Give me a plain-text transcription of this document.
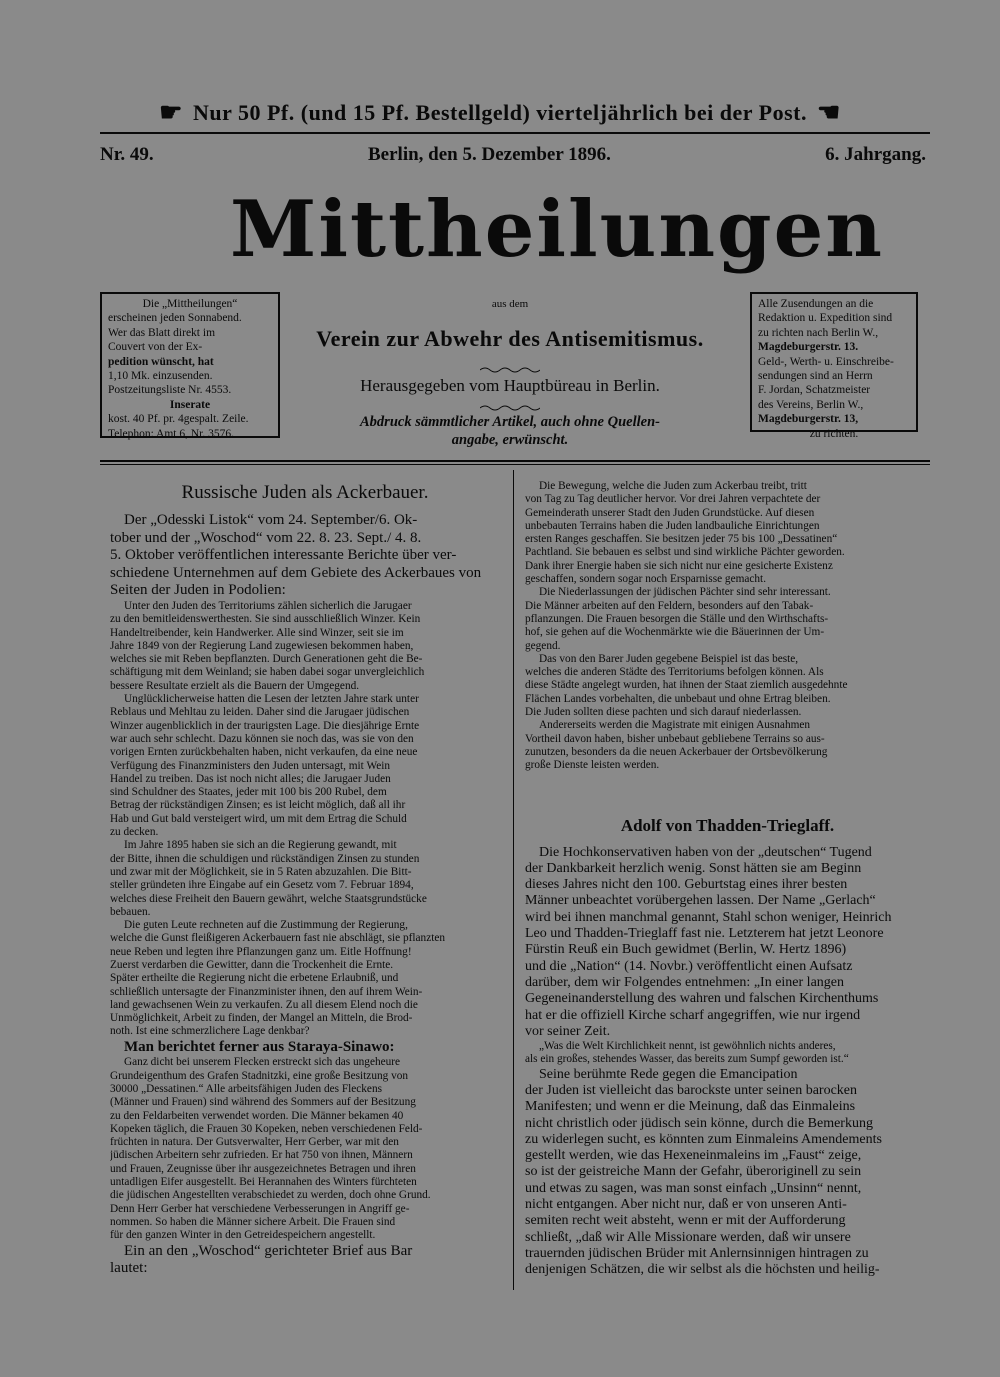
☛ Nur 50 Pf. (und 15 Pf. Bestellgeld) vierteljährlich bei der Post. ☚
Nr. 49.	Berlin, den 5. Dezember 1896.	6. Jahrgang.
Mittheilungen
Die „Mittheilungen“
erscheinen jeden Sonnabend.
Wer das Blatt direkt im
Couvert von der Ex-
pedition wünscht, hat
1,10 Mk. einzusenden.
Postzeitungsliste Nr. 4553.
Inserate
kost. 40 Pf. pr. 4gespalt. Zeile.
Telephon: Amt 6, Nr. 3576.
aus dem
Verein zur Abwehr des Antisemitismus.
Herausgegeben vom Hauptbüreau in Berlin.
Abdruck sämmtlicher Artikel, auch ohne Quellen-
angabe, erwünscht.
Alle Zusendungen an die
Redaktion u. Expedition sind
zu richten nach Berlin W.,
Magdeburgerstr. 13.
Geld-, Werth- u. Einschreibe-
sendungen sind an Herrn
F. Jordan, Schatzmeister
des Vereins, Berlin W.,
Magdeburgerstr. 13,
zu richten.
Russische Juden als Ackerbauer.
Der „Odesski Listok“ vom 24. September/6. Ok-
tober und der „Woschod“ vom 22. 8. 23. Sept./ 4. 8.
5. Oktober veröffentlichen interessante Berichte über ver-
schiedene Unternehmen auf dem Gebiete des Ackerbaues von
Seiten der Juden in Podolien:
Unter den Juden des Territoriums zählen sicherlich die Jarugaer
zu den bemitleidenswerthesten. Sie sind ausschließlich Winzer. Kein
Handeltreibender, kein Handwerker. Alle sind Winzer, seit sie im
Jahre 1849 von der Regierung Land zugewiesen bekommen haben,
welches sie mit Reben bepflanzten. Durch Generationen geht die Be-
schäftigung mit dem Weinland; sie haben dabei sogar unvergleichlich
bessere Resultate erzielt als die Bauern der Umgegend.
Unglücklicherweise hatten die Lesen der letzten Jahre stark unter
Reblaus und Mehltau zu leiden. Daher sind die Jarugaer jüdischen
Winzer augenblicklich in der traurigsten Lage. Die diesjährige Ernte
war auch sehr schlecht. Dazu können sie noch das, was sie von den
vorigen Ernten zurückbehalten haben, nicht verkaufen, da eine neue
Verfügung des Finanzministers den Juden untersagt, mit Wein
Handel zu treiben. Das ist noch nicht alles; die Jarugaer Juden
sind Schuldner des Staates, jeder mit 100 bis 200 Rubel, dem
Betrag der rückständigen Zinsen; es ist leicht möglich, daß all ihr
Hab und Gut bald versteigert wird, um mit dem Ertrag die Schuld
zu decken.
Im Jahre 1895 haben sie sich an die Regierung gewandt, mit
der Bitte, ihnen die schuldigen und rückständigen Zinsen zu stunden
und zwar mit der Möglichkeit, sie in 5 Raten abzuzahlen. Die Bitt-
steller gründeten ihre Eingabe auf ein Gesetz vom 7. Februar 1894,
welches diese Freiheit den Bauern gewährt, welche Staatsgrundstücke
bebauen.
Die guten Leute rechneten auf die Zustimmung der Regierung,
welche die Gunst fleißigeren Ackerbauern fast nie abschlägt, sie pflanzten
neue Reben und legten ihre Pflanzungen ganz um. Eitle Hoffnung!
Zuerst verdarben die Gewitter, dann die Trockenheit die Ernte.
Später ertheilte die Regierung nicht die erbetene Erlaubniß, und
schließlich untersagte der Finanzminister ihnen, den auf ihrem Wein-
land gewachsenen Wein zu verkaufen. Zu all diesem Elend noch die
Unmöglichkeit, Arbeit zu finden, der Mangel an Mitteln, die Brod-
noth. Ist eine schmerzlichere Lage denkbar?
Man berichtet ferner aus Staraya-Sinawo:
Ganz dicht bei unserem Flecken erstreckt sich das ungeheure
Grundeigenthum des Grafen Stadnitzki, eine große Besitzung von
30000 „Dessatinen.“ Alle arbeitsfähigen Juden des Fleckens
(Männer und Frauen) sind während des Sommers auf der Besitzung
zu den Feldarbeiten verwendet worden. Die Männer bekamen 40
Kopeken täglich, die Frauen 30 Kopeken, neben verschiedenen Feld-
früchten in natura. Der Gutsverwalter, Herr Gerber, war mit den
jüdischen Arbeitern sehr zufrieden. Er hat 750 von ihnen, Männern
und Frauen, Zeugnisse über ihr ausgezeichnetes Betragen und ihren
untadligen Eifer ausgestellt. Bei Herannahen des Winters fürchteten
die jüdischen Angestellten verabschiedet zu werden, doch ohne Grund.
Denn Herr Gerber hat verschiedene Verbesserungen in Angriff ge-
nommen. So haben die Männer sichere Arbeit. Die Frauen sind
für den ganzen Winter in den Getreidespeichern angestellt.
Ein an den „Woschod“ gerichteter Brief aus Bar
lautet:
Die Bewegung, welche die Juden zum Ackerbau treibt, tritt
von Tag zu Tag deutlicher hervor. Vor drei Jahren verpachtete der
Gemeinderath unserer Stadt den Juden Grundstücke. Auf diesen
unbebauten Terrains haben die Juden landbauliche Einrichtungen
ersten Ranges geschaffen. Sie besitzen jeder 75 bis 100 „Dessatinen“
Pachtland. Sie bebauen es selbst und sind wirkliche Pächter geworden.
Dank ihrer Energie haben sie sich nicht nur eine gesicherte Existenz
geschaffen, sondern sogar noch Ersparnisse gemacht.
Die Niederlassungen der jüdischen Pächter sind sehr interessant.
Die Männer arbeiten auf den Feldern, besonders auf den Tabak-
pflanzungen. Die Frauen besorgen die Ställe und den Wirthschafts-
hof, sie gehen auf die Wochenmärkte wie die Bäuerinnen der Um-
gegend.
Das von den Barer Juden gegebene Beispiel ist das beste,
welches die anderen Städte des Territoriums befolgen können. Als
diese Städte angelegt wurden, hat ihnen der Staat ziemlich ausgedehnte
Flächen Landes vorbehalten, die unbebaut und ohne Ertrag bleiben.
Die Juden sollten diese pachten und sich darauf niederlassen.
Andererseits werden die Magistrate mit einigen Ausnahmen
Vortheil davon haben, bisher unbebaut gebliebene Terrains so aus-
zunutzen, besonders da die neuen Ackerbauer der Ortsbevölkerung
große Dienste leisten werden.
Adolf von Thadden-Trieglaff.
Die Hochkonservativen haben von der „deutschen“ Tugend
der Dankbarkeit herzlich wenig. Sonst hätten sie am Beginn
dieses Jahres nicht den 100. Geburtstag eines ihrer besten
Männer unbeachtet vorübergehen lassen. Der Name „Gerlach“
wird bei ihnen manchmal genannt, Stahl schon weniger, Heinrich
Leo und Thadden-Trieglaff fast nie. Letzterem hat jetzt Leonore
Fürstin Reuß ein Buch gewidmet (Berlin, W. Hertz 1896)
und die „Nation“ (14. Novbr.) veröffentlicht einen Aufsatz
darüber, dem wir Folgendes entnehmen: „In einer langen
Gegeneinanderstellung des wahren und falschen Kirchenthums
hat er die offiziell Kirche scharf angegriffen, wie nur irgend
vor seiner Zeit.
„Was die Welt Kirchlichkeit nennt, ist gewöhnlich nichts anderes,
als ein großes, stehendes Wasser, das bereits zum Sumpf geworden ist.“
Seine berühmte Rede gegen die Emancipation
der Juden ist vielleicht das barockste unter seinen barocken
Manifesten; und wenn er die Meinung, daß das Einmaleins
nicht christlich oder jüdisch sein könne, durch die Bemerkung
zu widerlegen sucht, es könnten zum Einmaleins Amendements
gestellt werden, wie das Hexeneinmaleins im „Faust“ zeige,
so ist der geistreiche Mann der Gefahr, überoriginell zu sein
und etwas zu sagen, was man sonst einfach „Unsinn“ nennt,
nicht entgangen. Aber nicht nur, daß er von unseren Anti-
semiten recht weit absteht, wenn er mit der Aufforderung
schließt, „daß wir Alle Missionare werden, daß wir unsere
trauernden jüdischen Brüder mit Anlernsinnigen hintragen zu
denjenigen Schätzen, die wir selbst als die höchsten und heilig-
